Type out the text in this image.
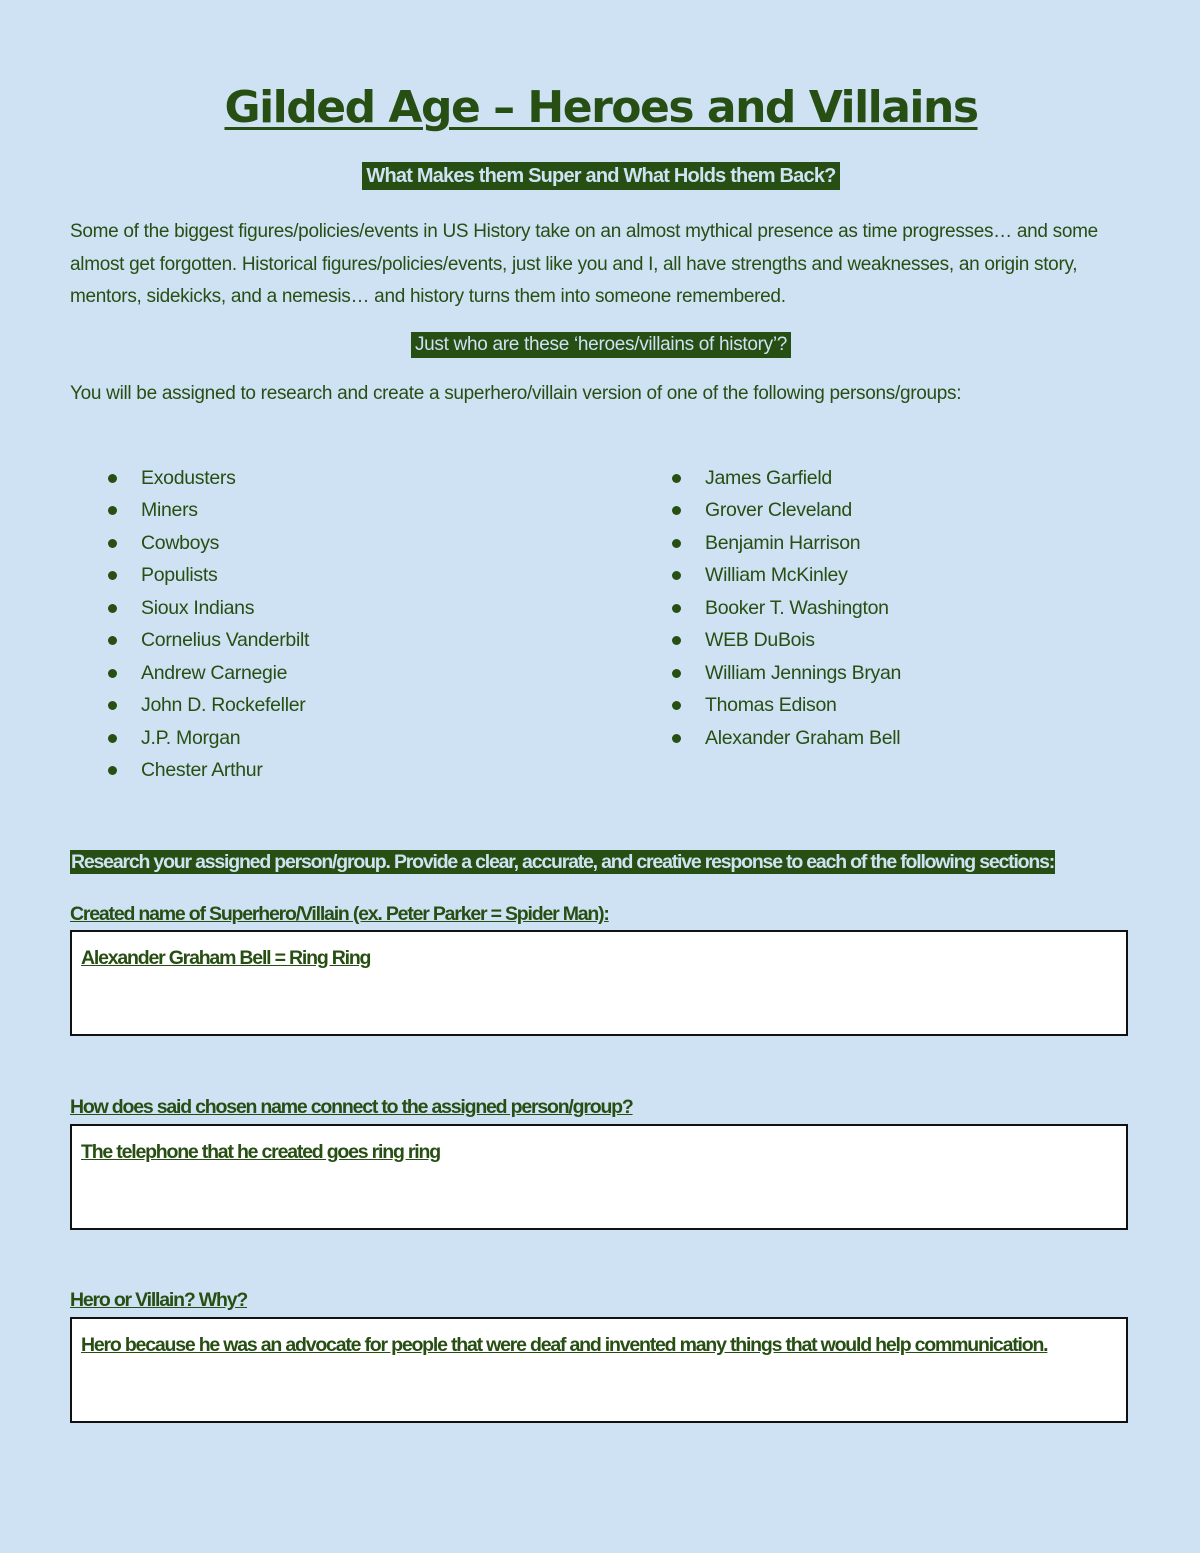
Gilded Age – Heroes and Villains
What Makes them Super and What Holds them Back?
Some of the biggest figures/policies/events in US History take on an almost mythical presence as time progresses… and some almost get forgotten. Historical figures/policies/events, just like you and I, all have strengths and weaknesses, an origin story, mentors, sidekicks, and a nemesis… and history turns them into someone remembered.
Just who are these ‘heroes/villains of history’?
You will be assigned to research and create a superhero/villain version of one of the following persons/groups:
Exodusters
Miners
Cowboys
Populists
Sioux Indians
Cornelius Vanderbilt
Andrew Carnegie
John D. Rockefeller
J.P. Morgan
Chester Arthur
James Garfield
Grover Cleveland
Benjamin Harrison
William McKinley
Booker T. Washington
WEB DuBois
William Jennings Bryan
Thomas Edison
Alexander Graham Bell
Research your assigned person/group. Provide a clear, accurate, and creative response to each of the following sections:
Created name of Superhero/Villain (ex. Peter Parker = Spider Man):
Alexander Graham Bell = Ring Ring
How does said chosen name connect to the assigned person/group?
The telephone that he created goes ring ring
Hero or Villain? Why?
Hero because he was an advocate for people that were deaf and invented many things that would help communication.
